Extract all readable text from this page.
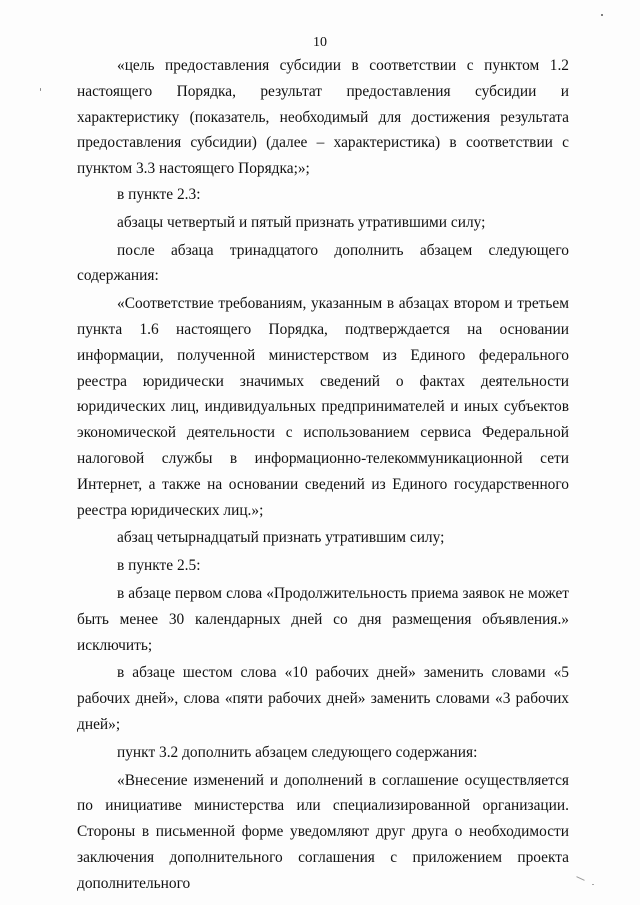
10

«цель предоставления субсидии в соответствии с пунктом 1.2 настоящего Порядка, результат предоставления субсидии и характеристику (показатель, необходимый для достижения результата предоставления субсидии) (далее – характеристика) в соответствии с пунктом 3.3 настоящего Порядка;»;

в пункте 2.3:

абзацы четвертый и пятый признать утратившими силу;

после абзаца тринадцатого дополнить абзацем следующего содержания:

«Соответствие требованиям, указанным в абзацах втором и третьем пункта 1.6 настоящего Порядка, подтверждается на основании информации, полученной министерством из Единого федерального реестра юридически значимых сведений о фактах деятельности юридических лиц, индивидуальных предпринимателей и иных субъектов экономической деятельности с использованием сервиса Федеральной налоговой службы в информационно-телекоммуникационной сети Интернет, а также на основании сведений из Единого государственного реестра юридических лиц.»;

абзац четырнадцатый признать утратившим силу;

в пункте 2.5:

в абзаце первом слова «Продолжительность приема заявок не может быть менее 30 календарных дней со дня размещения объявления.» исключить;

в абзаце шестом слова «10 рабочих дней» заменить словами «5 рабочих дней», слова «пяти рабочих дней» заменить словами «3 рабочих дней»;

пункт 3.2 дополнить абзацем следующего содержания:

«Внесение изменений и дополнений в соглашение осуществляется по инициативе министерства или специализированной организации. Стороны в письменной форме уведомляют друг друга о необходимости заключения дополнительного соглашения с приложением проекта дополнительного
